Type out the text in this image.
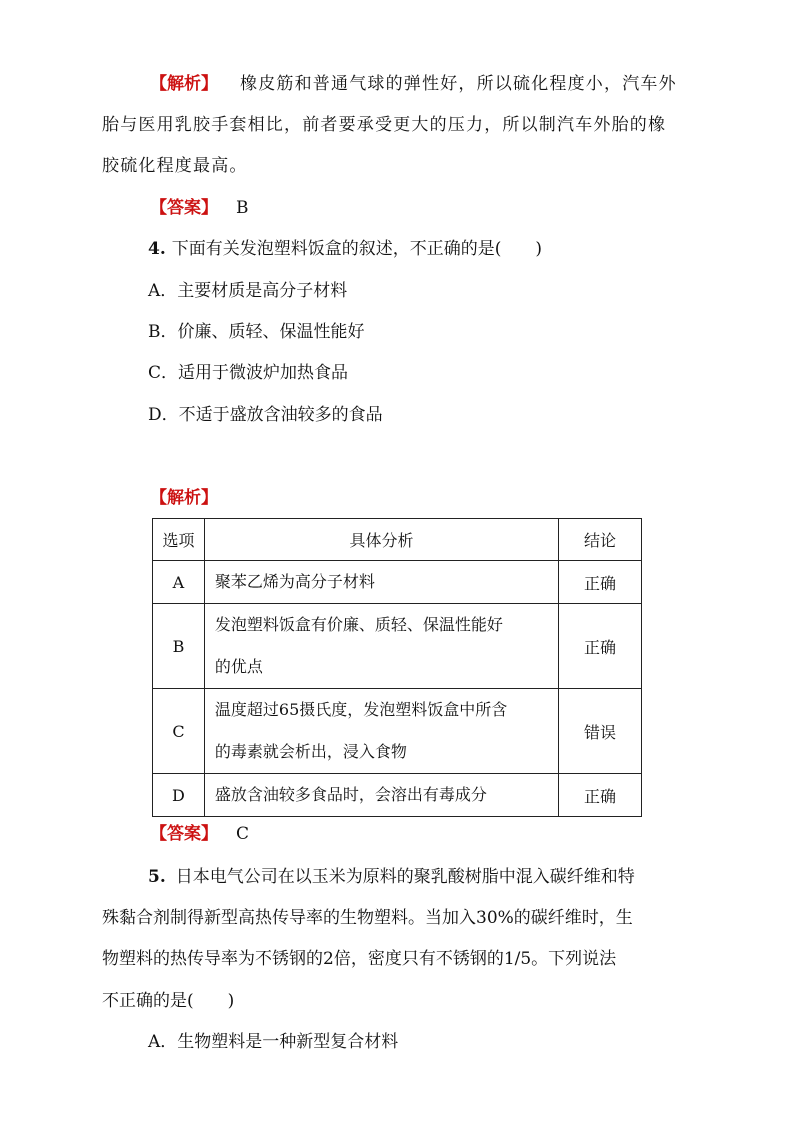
【解析】 橡皮筋和普通气球的弹性好，所以硫化程度小，汽车外
胎与医用乳胶手套相比，前者要承受更大的压力，所以制汽车外胎的橡
胶硫化程度最高。
【答案】 B
4. 下面有关发泡塑料饭盒的叙述，不正确的是(　　)
A．主要材质是高分子材料
B．价廉、质轻、保温性能好
C．适用于微波炉加热食品
D．不适于盛放含油较多的食品
【解析】
选项	具体分析	结论
A	聚苯乙烯为高分子材料	正确
B	发泡塑料饭盒有价廉、质轻、保温性能好
的优点	正确
C	温度超过65摄氏度，发泡塑料饭盒中所含
的毒素就会析出，浸入食物	错误
D	盛放含油较多食品时，会溶出有毒成分	正确
【答案】 C
5. 日本电气公司在以玉米为原料的聚乳酸树脂中混入碳纤维和特
殊黏合剂制得新型高热传导率的生物塑料。当加入30%的碳纤维时，生
物塑料的热传导率为不锈钢的2倍，密度只有不锈钢的1/5。下列说法
不正确的是(　　)
A．生物塑料是一种新型复合材料
